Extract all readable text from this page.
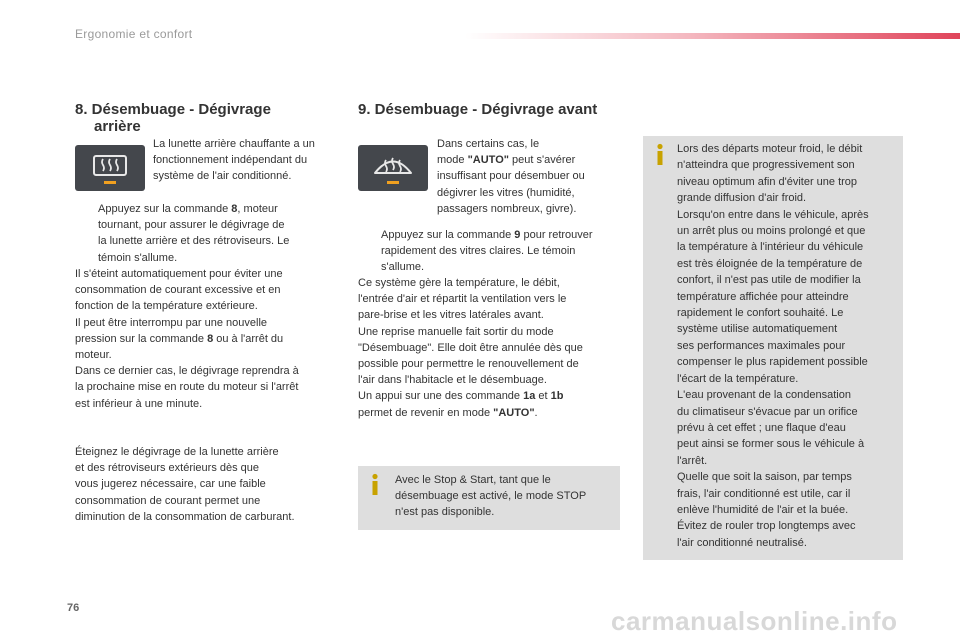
Ergonomie et confort
8. Désembuage - Dégivrage
arrière
La lunette arrière chauffante a un
fonctionnement indépendant du
système de l'air conditionné.
Appuyez sur la commande 8, moteur
tournant, pour assurer le dégivrage de
la lunette arrière et des rétroviseurs. Le
témoin s'allume.
Il s'éteint automatiquement pour éviter une
consommation de courant excessive et en
fonction de la température extérieure.
Il peut être interrompu par une nouvelle
pression sur la commande 8 ou à l'arrêt du
moteur.
Dans ce dernier cas, le dégivrage reprendra à
la prochaine mise en route du moteur si l'arrêt
est inférieur à une minute.
Éteignez le dégivrage de la lunette arrière
et des rétroviseurs extérieurs dès que
vous jugerez nécessaire, car une faible
consommation de courant permet une
diminution de la consommation de carburant.
9. Désembuage - Dégivrage avant
Dans certains cas, le
mode "AUTO" peut s'avérer
insuffisant pour désembuer ou
dégivrer les vitres (humidité,
passagers nombreux, givre).
Appuyez sur la commande 9 pour retrouver
rapidement des vitres claires. Le témoin
s'allume.
Ce système gère la température, le débit,
l'entrée d'air et répartit la ventilation vers le
pare-brise et les vitres latérales avant.
Une reprise manuelle fait sortir du mode
"Désembuage". Elle doit être annulée dès que
possible pour permettre le renouvellement de
l'air dans l'habitacle et le désembuage.
Un appui sur une des commande 1a et 1b
permet de revenir en mode "AUTO".
Avec le Stop & Start, tant que le
désembuage est activé, le mode STOP
n'est pas disponible.
Lors des départs moteur froid, le débit
n'atteindra que progressivement son
niveau optimum afin d'éviter une trop
grande diffusion d'air froid.
Lorsqu'on entre dans le véhicule, après
un arrêt plus ou moins prolongé et que
la température à l'intérieur du véhicule
est très éloignée de la température de
confort, il n'est pas utile de modifier la
température affichée pour atteindre
rapidement le confort souhaité. Le
système utilise automatiquement
ses performances maximales pour
compenser le plus rapidement possible
l'écart de la température.
L'eau provenant de la condensation
du climatiseur s'évacue par un orifice
prévu à cet effet ; une flaque d'eau
peut ainsi se former sous le véhicule à
l'arrêt.
Quelle que soit la saison, par temps
frais, l'air conditionné est utile, car il
enlève l'humidité de l'air et la buée.
Évitez de rouler trop longtemps avec
l'air conditionné neutralisé.
76	carmanualsonline.info
